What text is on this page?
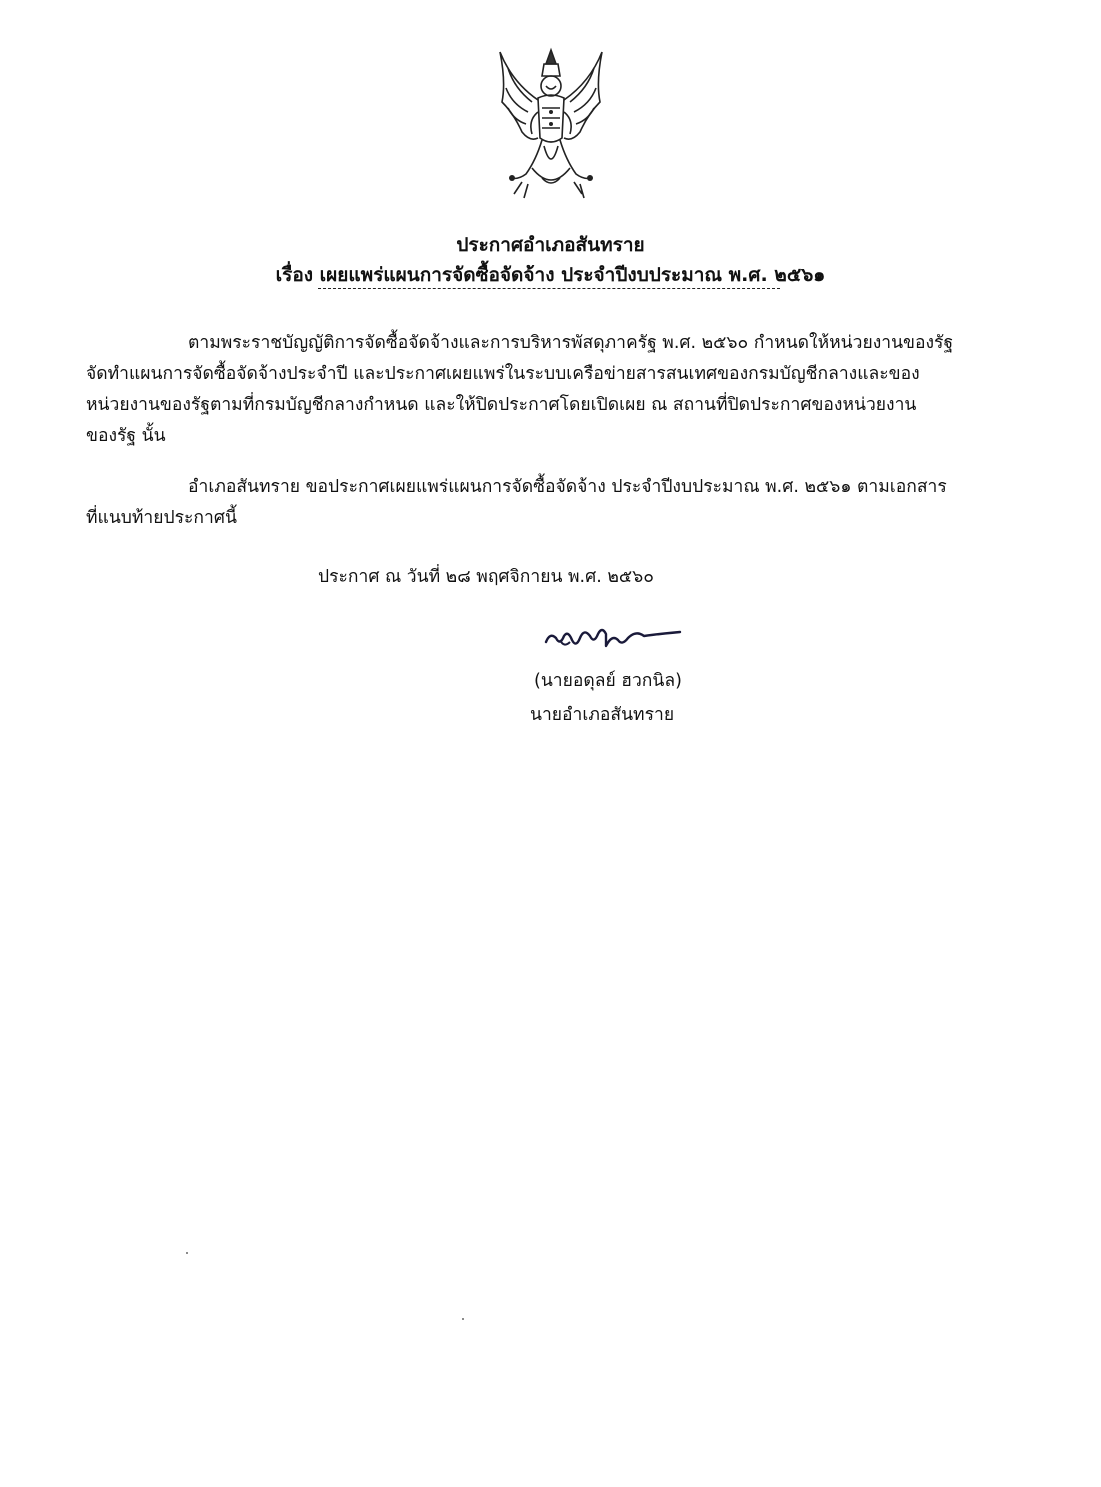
ประกาศอำเภอสันทราย
เรื่อง เผยแพร่แผนการจัดซื้อจัดจ้าง ประจำปีงบประมาณ พ.ศ. ๒๕๖๑
ตามพระราชบัญญัติการจัดซื้อจัดจ้างและการบริหารพัสดุภาครัฐ พ.ศ. ๒๕๖๐ กำหนดให้หน่วยงานของรัฐ
จัดทำแผนการจัดซื้อจัดจ้างประจำปี และประกาศเผยแพร่ในระบบเครือข่ายสารสนเทศของกรมบัญชีกลางและของ
หน่วยงานของรัฐตามที่กรมบัญชีกลางกำหนด และให้ปิดประกาศโดยเปิดเผย ณ สถานที่ปิดประกาศของหน่วยงาน
ของรัฐ นั้น
อำเภอสันทราย ขอประกาศเผยแพร่แผนการจัดซื้อจัดจ้าง ประจำปีงบประมาณ พ.ศ. ๒๕๖๑ ตามเอกสาร
ที่แนบท้ายประกาศนี้
ประกาศ ณ วันที่ ๒๘ พฤศจิกายน พ.ศ. ๒๕๖๐
(นายอดุลย์ ฮวกนิล)
นายอำเภอสันทราย
